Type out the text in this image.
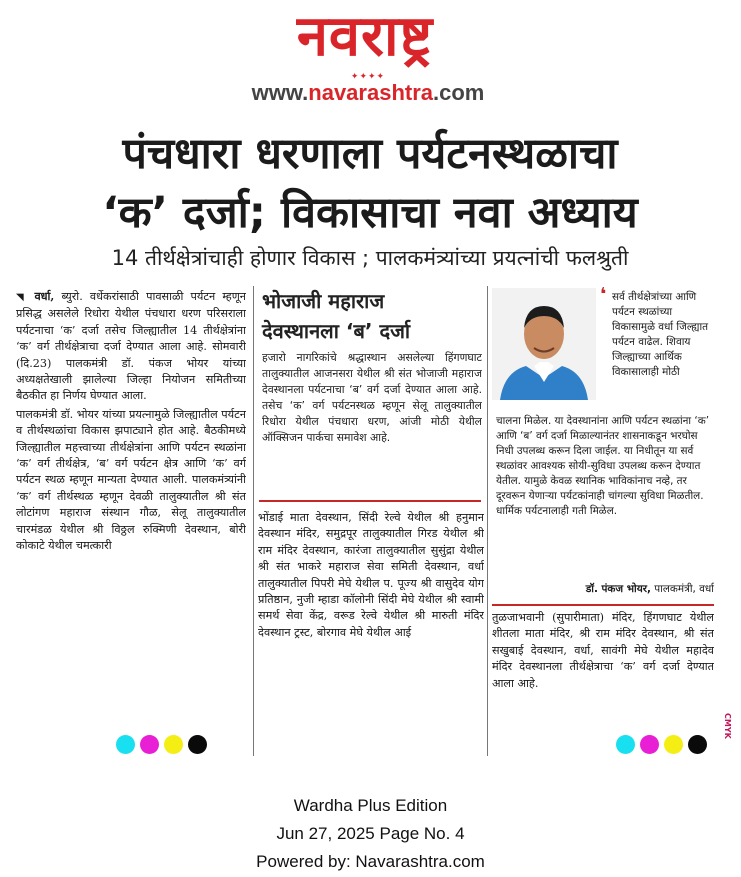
नवराष्ट्र
✦✦✦✦
www.navarashtra.com
पंचधारा धरणाला पर्यटनस्थळाचा
‘क’ दर्जा; विकासाचा नवा अध्याय
14 तीर्थक्षेत्रांचाही होणार विकास ; पालकमंत्र्यांच्या प्रयत्नांची फलश्रुती

◥ वर्धा, ब्युरो. वर्धेकरांसाठी पावसाळी पर्यटन म्हणून प्रसिद्ध असलेले रिधोरा येथील पंचधारा धरण परिसराला पर्यटनाचा ‘क’ दर्जा तसेच जिल्ह्यातील 14 तीर्थक्षेत्रांना ‘क’ वर्ग तीर्थक्षेत्राचा दर्जा देण्यात आला आहे. सोमवारी (दि.23) पालकमंत्री डॉ. पंकज भोयर यांच्या अध्यक्षतेखाली झालेल्या जिल्हा नियोजन समितीच्या बैठकीत हा निर्णय घेण्यात आला.

पालकमंत्री डॉ. भोयर यांच्या प्रयत्नामुळे जिल्ह्यातील पर्यटन व तीर्थस्थळांचा विकास झपाट्याने होत आहे. बैठकीमध्ये जिल्ह्यातील महत्त्वाच्या तीर्थक्षेत्रांना आणि पर्यटन स्थळांना ‘क’ वर्ग तीर्थक्षेत्र, ‘ब’ वर्ग पर्यटन क्षेत्र आणि ‘क’ वर्ग पर्यटन स्थळ म्हणून मान्यता देण्यात आली. पालकमंत्र्यांनी ‘क’ वर्ग तीर्थस्थळ म्हणून देवळी तालुक्यातील श्री संत लोटांगण महाराज संस्थान गौळ, सेलू तालुक्यातील चारमंडळ येथील श्री विठ्ठल रुक्मिणी देवस्थान, बोरी कोकाटे येथील चमत्कारी

भोजाजी महाराज
देवस्थानला ‘ब’ दर्जा
हजारो नागरिकांचे श्रद्धास्थान असलेल्या हिंगणघाट तालुक्यातील आजनसरा येथील श्री संत भोजाजी महाराज देवस्थानला पर्यटनाचा ‘ब’ वर्ग दर्जा देण्यात आला आहे. तसेच ‘क’ वर्ग पर्यटनस्थळ म्हणून सेलू तालुक्यातील रिधोरा येथील पंचधारा धरण, आंजी मोठी येथील ऑक्सिजन पार्कचा समावेश आहे.
भोंडाई माता देवस्थान, सिंदी रेल्वे येथील श्री हनुमान देवस्थान मंदिर, समुद्रपूर तालुक्यातील गिरड येथील श्री राम मंदिर देवस्थान, कारंजा तालुक्यातील सुसुंद्रा येथील श्री संत भाकरे महाराज सेवा समिती देवस्थान, वर्धा तालुक्यातील पिपरी मेघे येथील प. पूज्य श्री वासुदेव योग प्रतिष्ठान, नुजी म्हाडा कॉलोनी सिंदी मेघे येथील श्री स्वामी समर्थ सेवा केंद्र, वरूड रेल्वे येथील श्री मारुती मंदिर देवस्थान ट्रस्ट, बोरगाव मेघे येथील आई
❛ सर्व तीर्थक्षेत्रांच्या आणि पर्यटन स्थळांच्या विकासामुळे वर्धा जिल्ह्यात पर्यटन वाढेल. शिवाय जिल्ह्याच्या आर्थिक विकासालाही मोठी
चालना मिळेल. या देवस्थानांना आणि पर्यटन स्थळांना ‘क’ आणि ‘ब’ वर्ग दर्जा मिळाल्यानंतर शासनाकडून भरघोस निधी उपलब्ध करून दिला जाईल. या निधीतून या सर्व स्थळांवर आवश्यक सोयी-सुविधा उपलब्ध करून देण्यात येतील. यामुळे केवळ स्थानिक भाविकांनाच नव्हे, तर दूरवरून येणाऱ्या पर्यटकांनाही चांगल्या सुविधा मिळतील. धार्मिक पर्यटनालाही गती मिळेल.
डॉ. पंकज भोयर, पालकमंत्री, वर्धा
तुळजाभवानी (सुपारीमाता) मंदिर, हिंगणघाट येथील शीतला माता मंदिर, श्री राम मंदिर देवस्थान, श्री संत सखुबाई देवस्थान, वर्धा, सावंगी मेघे येथील महादेव मंदिर देवस्थानला तीर्थक्षेत्राचा ‘क’ वर्ग दर्जा देण्यात आला आहे.
CMYK
Wardha Plus Edition
Jun 27, 2025 Page No. 4
Powered by: Navarashtra.com
